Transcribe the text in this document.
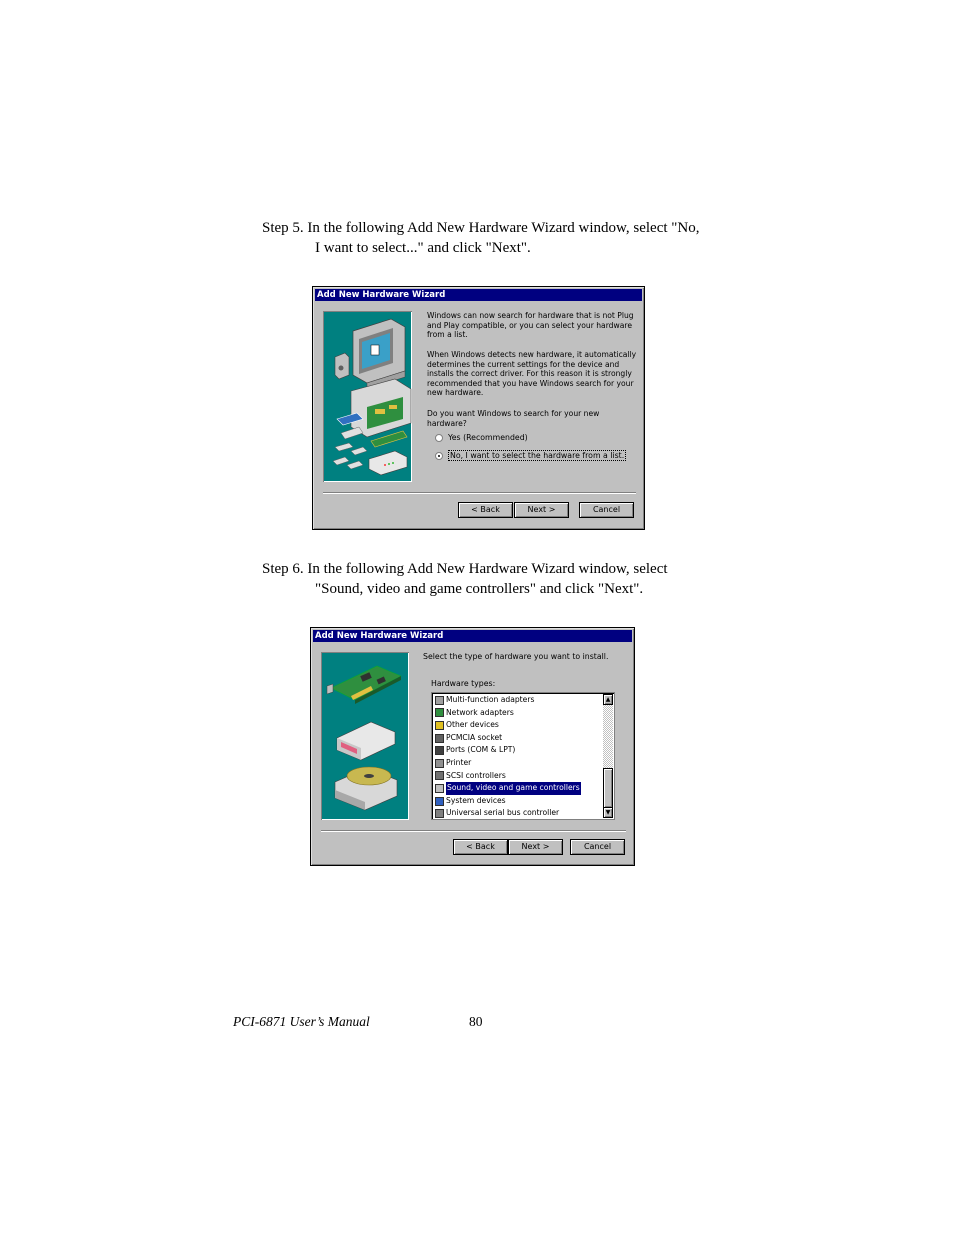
Step 5. In the following Add New Hardware Wizard window, select "No,
I want to select..." and click "Next".
Add New Hardware Wizard
Windows can now search for hardware that is not Plug and Play compatible, or you can select your hardware from a list.
When Windows detects new hardware, it automatically determines the current settings for the device and installs the correct driver. For this reason it is strongly recommended that you have Windows search for your new hardware.
Do you want Windows to search for your new hardware?
Yes (Recommended)
No, I want to select the hardware from a list.
< Back	Next >	Cancel
Step 6. In the following Add New Hardware Wizard window, select
"Sound, video and game controllers" and click "Next".
Add New Hardware Wizard
Select the type of hardware you want to install.
Hardware types:
Multi-function adapters
Network adapters
Other devices
PCMCIA socket
Ports (COM & LPT)
Printer
SCSI controllers
Sound, video and game controllers
System devices
Universal serial bus controller
▲
▼
< Back	Next >	Cancel
PCI-6871 User’s Manual	80
